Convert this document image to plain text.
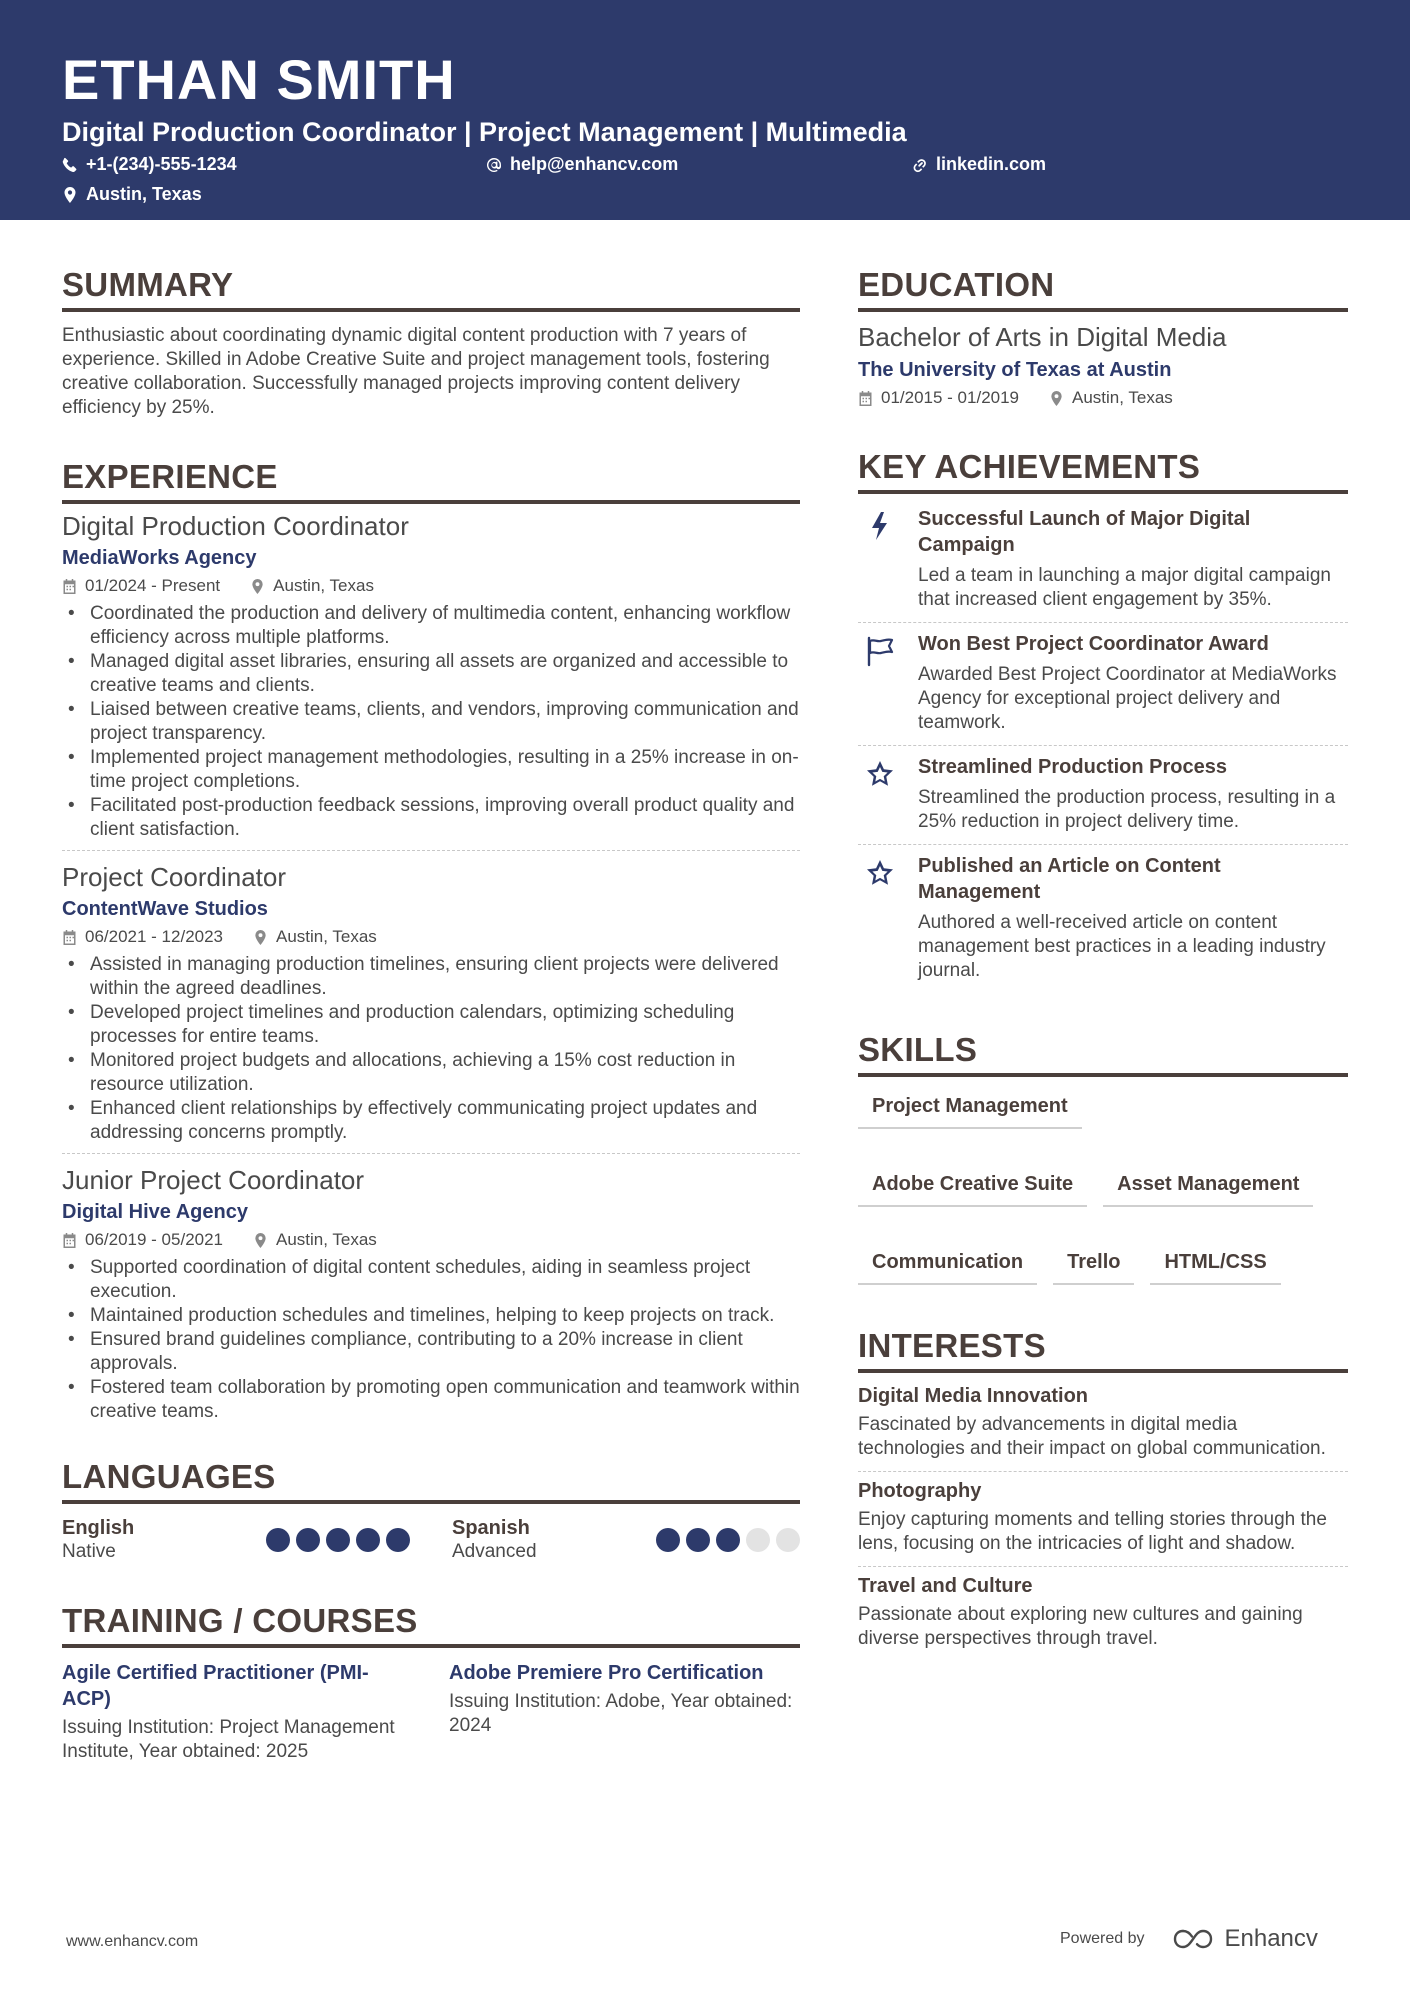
ETHAN SMITH
Digital Production Coordinator | Project Management | Multimedia
+1-(234)-555-1234	help@enhancv.com	linkedin.com
Austin, Texas
SUMMARY

Enthusiastic about coordinating dynamic digital content production with 7 years of experience. Skilled in Adobe Creative Suite and project management tools, fostering creative collaboration. Successfully managed projects improving content delivery efficiency by 25%.

EXPERIENCE
Digital Production Coordinator
MediaWorks Agency
01/2024 - Present	Austin, Texas
• Coordinated the production and delivery of multimedia content, enhancing workflow efficiency across multiple platforms.
• Managed digital asset libraries, ensuring all assets are organized and accessible to creative teams and clients.
• Liaised between creative teams, clients, and vendors, improving communication and project transparency.
• Implemented project management methodologies, resulting in a 25% increase in on-time project completions.
• Facilitated post-production feedback sessions, improving overall product quality and client satisfaction.
Project Coordinator
ContentWave Studios
06/2021 - 12/2023	Austin, Texas
• Assisted in managing production timelines, ensuring client projects were delivered within the agreed deadlines.
• Developed project timelines and production calendars, optimizing scheduling processes for entire teams.
• Monitored project budgets and allocations, achieving a 15% cost reduction in resource utilization.
• Enhanced client relationships by effectively communicating project updates and addressing concerns promptly.
Junior Project Coordinator
Digital Hive Agency
06/2019 - 05/2021	Austin, Texas
• Supported coordination of digital content schedules, aiding in seamless project execution.
• Maintained production schedules and timelines, helping to keep projects on track.
• Ensured brand guidelines compliance, contributing to a 20% increase in client approvals.
• Fostered team collaboration by promoting open communication and teamwork within creative teams.
LANGUAGES
English
Native
Spanish
Advanced
TRAINING / COURSES
Agile Certified Practitioner (PMI-ACP)
Issuing Institution: Project Management Institute, Year obtained: 2025
Adobe Premiere Pro Certification
Issuing Institution: Adobe, Year obtained: 2024
EDUCATION
Bachelor of Arts in Digital Media
The University of Texas at Austin
01/2015 - 01/2019	Austin, Texas
KEY ACHIEVEMENTS
Successful Launch of Major Digital Campaign
Led a team in launching a major digital campaign that increased client engagement by 35%.
Won Best Project Coordinator Award
Awarded Best Project Coordinator at MediaWorks Agency for exceptional project delivery and teamwork.
Streamlined Production Process
Streamlined the production process, resulting in a 25% reduction in project delivery time.
Published an Article on Content Management
Authored a well-received article on content management best practices in a leading industry journal.
SKILLS
Project Management
Adobe Creative Suite	Asset Management
Communication	Trello	HTML/CSS
INTERESTS
Digital Media Innovation
Fascinated by advancements in digital media technologies and their impact on global communication.
Photography
Enjoy capturing moments and telling stories through the lens, focusing on the intricacies of light and shadow.
Travel and Culture
Passionate about exploring new cultures and gaining diverse perspectives through travel.
www.enhancv.com	Powered by	Enhancv
